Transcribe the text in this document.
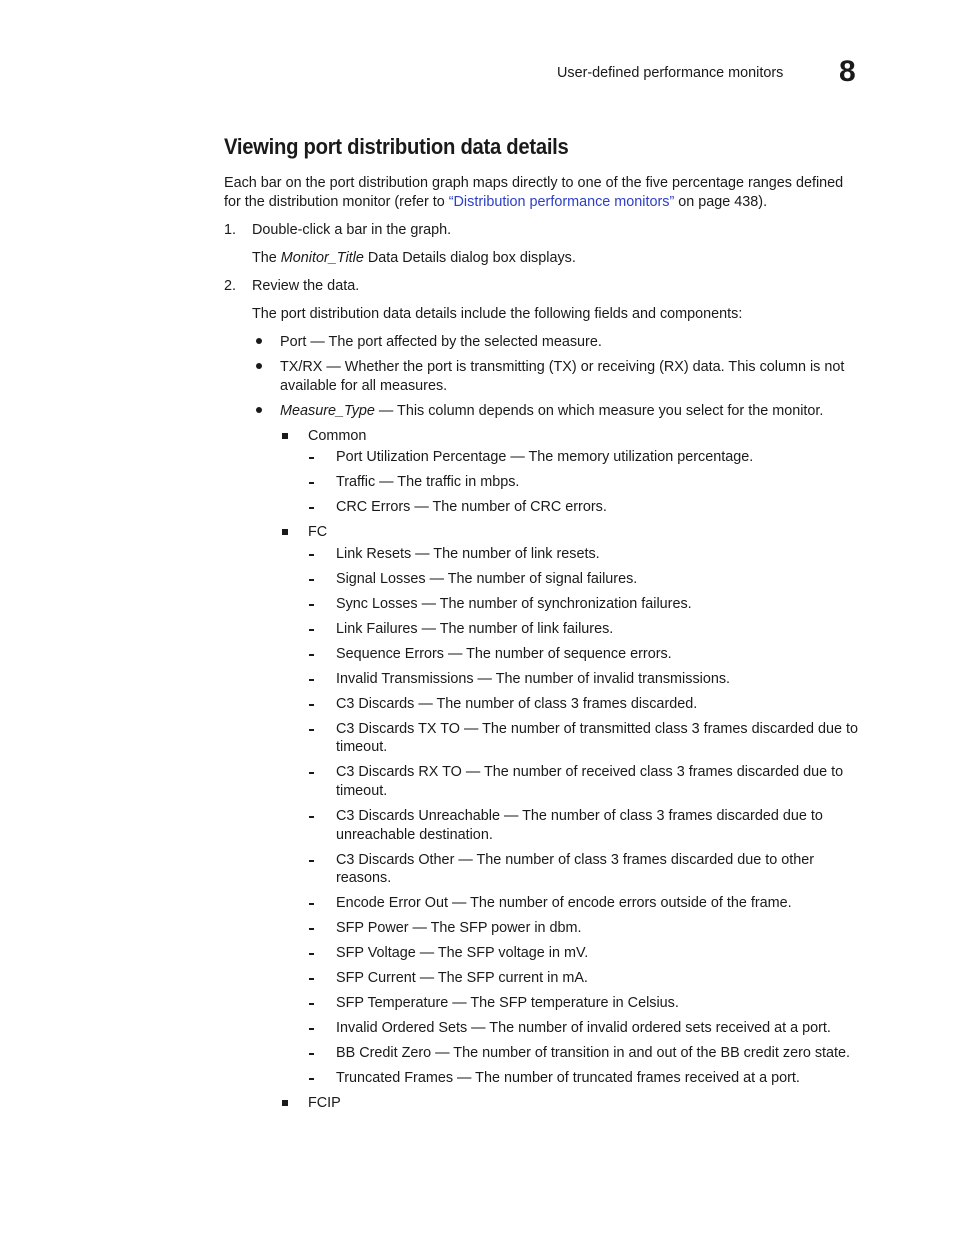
User-defined performance monitors 8
Viewing port distribution data details
Each bar on the port distribution graph maps directly to one of the five percentage ranges defined
for the distribution monitor (refer to “Distribution performance monitors” on page 438).
1. Double-click a bar in the graph.
The Monitor_Title Data Details dialog box displays.
2. Review the data.
The port distribution data details include the following fields and components:
Port — The port affected by the selected measure.
TX/RX — Whether the port is transmitting (TX) or receiving (RX) data. This column is not
available for all measures.
Measure_Type — This column depends on which measure you select for the monitor.
Common
Port Utilization Percentage — The memory utilization percentage.
Traffic — The traffic in mbps.
CRC Errors — The number of CRC errors.
FC
Link Resets — The number of link resets.
Signal Losses — The number of signal failures.
Sync Losses — The number of synchronization failures.
Link Failures — The number of link failures.
Sequence Errors — The number of sequence errors.
Invalid Transmissions — The number of invalid transmissions.
C3 Discards — The number of class 3 frames discarded.
C3 Discards TX TO — The number of transmitted class 3 frames discarded due to
timeout.
C3 Discards RX TO — The number of received class 3 frames discarded due to
timeout.
C3 Discards Unreachable — The number of class 3 frames discarded due to
unreachable destination.
C3 Discards Other — The number of class 3 frames discarded due to other
reasons.
Encode Error Out — The number of encode errors outside of the frame.
SFP Power — The SFP power in dbm.
SFP Voltage — The SFP voltage in mV.
SFP Current — The SFP current in mA.
SFP Temperature — The SFP temperature in Celsius.
Invalid Ordered Sets — The number of invalid ordered sets received at a port.
BB Credit Zero — The number of transition in and out of the BB credit zero state.
Truncated Frames — The number of truncated frames received at a port.
FCIP
